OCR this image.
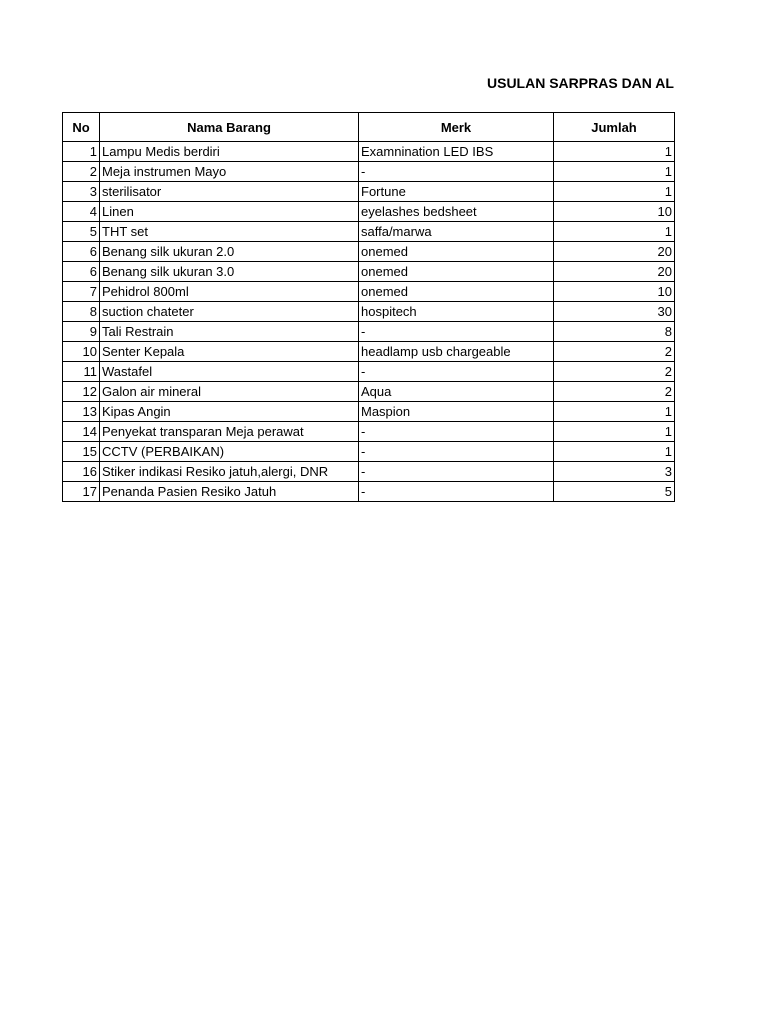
USULAN SARPRAS DAN AL
No	Nama Barang	Merk	Jumlah	
1	Lampu Medis berdiri	Examnination LED IBS	1	
2	Meja instrumen Mayo	-	1	
3	sterilisator	Fortune	1	
4	Linen	eyelashes bedsheet	10	
5	THT set	saffa/marwa	1	
6	Benang silk ukuran 2.0	onemed	20	
6	Benang silk ukuran 3.0	onemed	20	
7	Pehidrol 800ml	onemed	10	
8	suction chateter	hospitech	30	
9	Tali Restrain	-	8	
10	Senter Kepala	headlamp usb chargeable	2	
11	Wastafel	-	2	
12	Galon air mineral	Aqua	2	
13	Kipas Angin	Maspion	1	
14	Penyekat transparan Meja perawat	-	1	
15	CCTV (PERBAIKAN)	-	1	
16	Stiker indikasi Resiko jatuh,alergi, DNR	-	3	
17	Penanda Pasien Resiko Jatuh	-	5	
